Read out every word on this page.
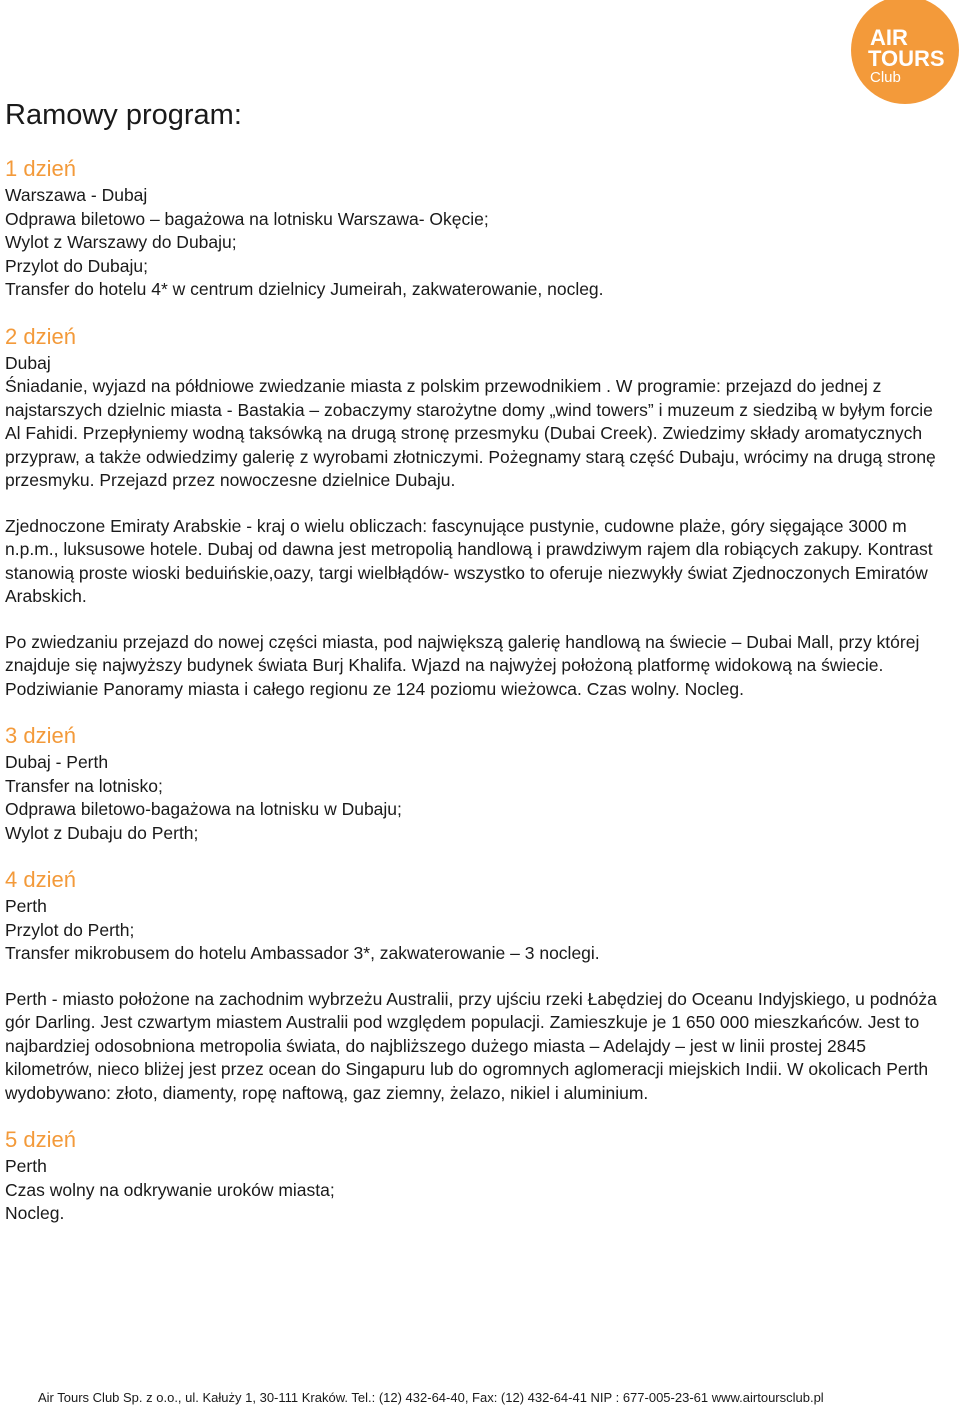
AIR
TOURS
Club
Ramowy program:

1 dzień

Warszawa - Dubaj

Odprawa biletowo – bagażowa na lotnisku Warszawa- Okęcie;

Wylot z Warszawy do Dubaju;

Przylot do Dubaju;

Transfer do hotelu 4* w centrum dzielnicy Jumeirah, zakwaterowanie, nocleg.

2 dzień

Dubaj

Śniadanie, wyjazd na półdniowe zwiedzanie miasta z polskim przewodnikiem . W programie: przejazd do jednej z najstarszych dzielnic miasta - Bastakia – zobaczymy starożytne domy „wind towers” i muzeum z siedzibą w byłym forcie Al Fahidi. Przepłyniemy wodną taksówką na drugą stronę przesmyku (Dubai Creek). Zwiedzimy składy aromatycznych przypraw, a także odwiedzimy galerię z wyrobami złotniczymi. Pożegnamy starą część Dubaju, wrócimy na drugą stronę przesmyku. Przejazd przez nowoczesne dzielnice Dubaju.

Zjednoczone Emiraty Arabskie - kraj o wielu obliczach: fascynujące pustynie, cudowne plaże, góry sięgające 3000 m n.p.m., luksusowe hotele. Dubaj od dawna jest metropolią handlową i prawdziwym rajem dla robiących zakupy. Kontrast stanowią proste wioski beduińskie,oazy, targi wielbłądów- wszystko to oferuje niezwykły świat Zjednoczonych Emiratów Arabskich.

Po zwiedzaniu przejazd do nowej części miasta, pod największą galerię handlową na świecie – Dubai Mall, przy której znajduje się najwyższy budynek świata Burj Khalifa. Wjazd na najwyżej położoną platformę widokową na świecie. Podziwianie Panoramy miasta i całego regionu ze 124 poziomu wieżowca. Czas wolny. Nocleg.

3 dzień

Dubaj - Perth

Transfer na lotnisko;

Odprawa biletowo-bagażowa na lotnisku w Dubaju;

Wylot z Dubaju do Perth;

4 dzień

Perth

Przylot do Perth;

Transfer mikrobusem do hotelu Ambassador 3*, zakwaterowanie – 3 noclegi.

Perth - miasto położone na zachodnim wybrzeżu Australii, przy ujściu rzeki Łabędziej do Oceanu Indyjskiego, u podnóża gór Darling. Jest czwartym miastem Australii pod względem populacji. Zamieszkuje je 1 650 000 mieszkańców. Jest to najbardziej odosobniona metropolia świata, do najbliższego dużego miasta – Adelajdy – jest w linii prostej 2845 kilometrów, nieco bliżej jest przez ocean do Singapuru lub do ogromnych aglomeracji miejskich Indii. W okolicach Perth wydobywano: złoto, diamenty, ropę naftową, gaz ziemny, żelazo, nikiel i aluminium.

5 dzień

Perth

Czas wolny na odkrywanie uroków miasta;

Nocleg.

Air Tours Club Sp. z o.o., ul. Kałuży 1, 30-111 Kraków. Tel.: (12) 432-64-40, Fax: (12) 432-64-41 NIP : 677-005-23-61 www.airtoursclub.pl
